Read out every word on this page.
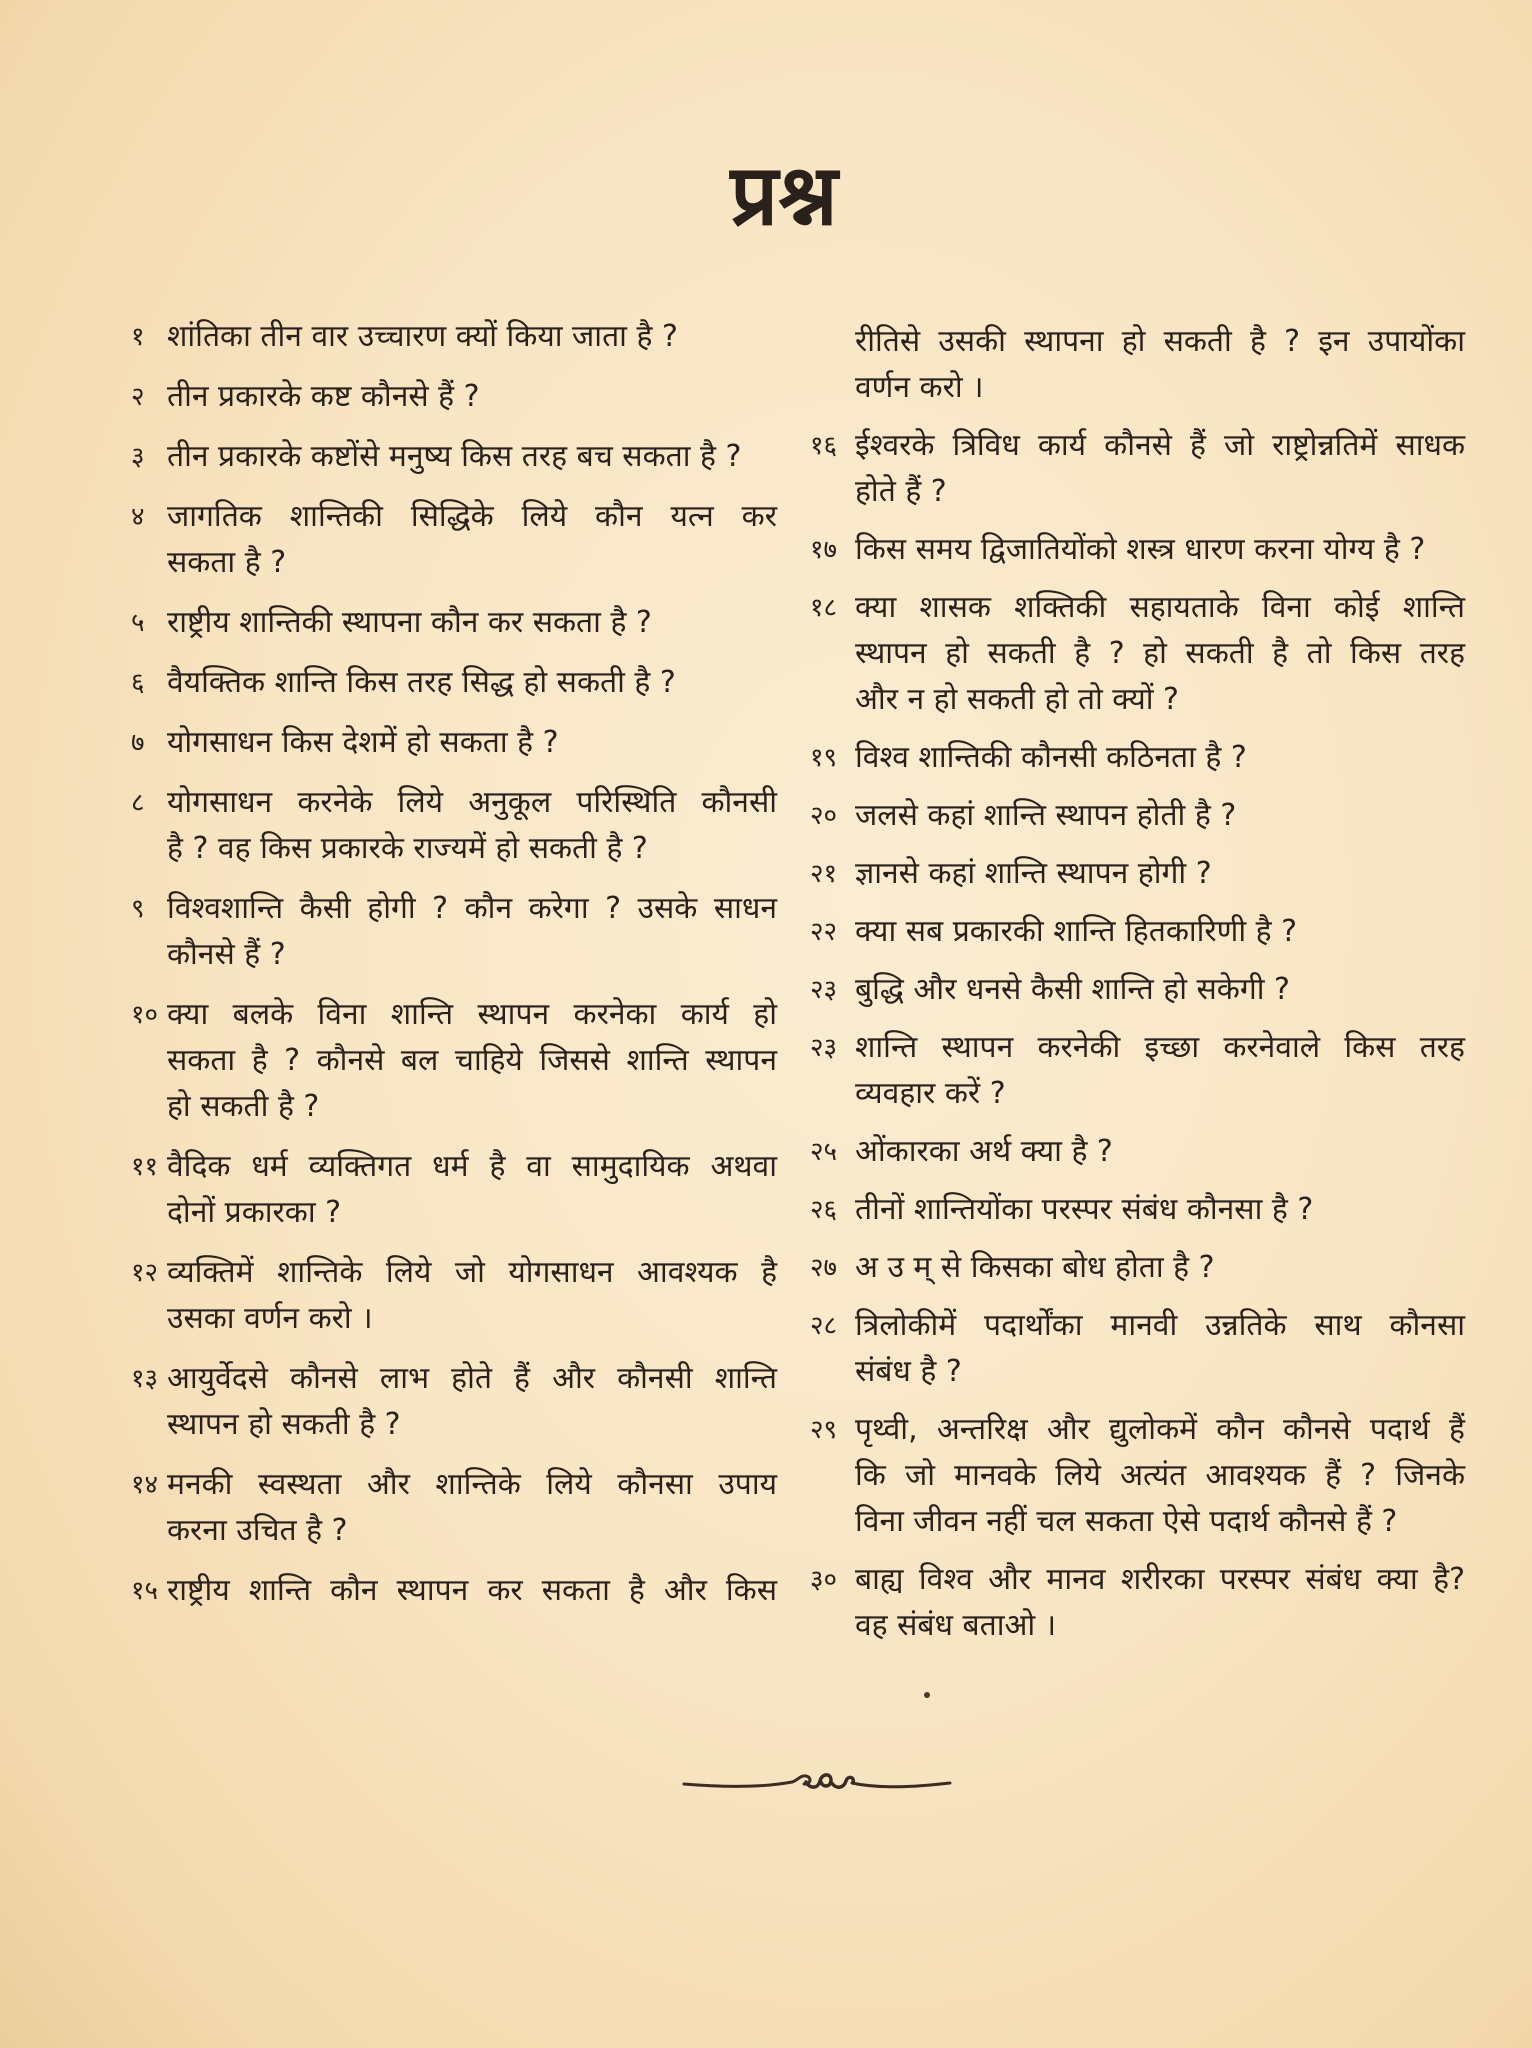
प्रश्न
१ शांतिका तीन वार उच्चारण क्यों किया जाता है ?
२ तीन प्रकारके कष्ट कौनसे हैं ?
३ तीन प्रकारके कष्टोंसे मनुष्य किस तरह बच सकता है ?
४ जागतिक शान्तिकी सिद्धिके लिये कौन यत्न कर
सकता है ?
५ राष्ट्रीय शान्तिकी स्थापना कौन कर सकता है ?
६ वैयक्तिक शान्ति किस तरह सिद्ध हो सकती है ?
७ योगसाधन किस देशमें हो सकता है ?
८ योगसाधन करनेके लिये अनुकूल परिस्थिति कौनसी
है ? वह किस प्रकारके राज्यमें हो सकती है ?
९ विश्वशान्ति कैसी होगी ? कौन करेगा ? उसके साधन
कौनसे हैं ?
१० क्या बलके विना शान्ति स्थापन करनेका कार्य हो
सकता है ? कौनसे बल चाहिये जिससे शान्ति स्थापन
हो सकती है ?
११ वैदिक धर्म व्यक्तिगत धर्म है वा सामुदायिक अथवा
दोनों प्रकारका ?
१२ व्यक्तिमें शान्तिके लिये जो योगसाधन आवश्यक है
उसका वर्णन करो ।
१३ आयुर्वेदसे कौनसे लाभ होते हैं और कौनसी शान्ति
स्थापन हो सकती है ?
१४ मनकी स्वस्थता और शान्तिके लिये कौनसा उपाय
करना उचित है ?
१५ राष्ट्रीय शान्ति कौन स्थापन कर सकता है और किस
रीतिसे उसकी स्थापना हो सकती है ? इन उपायोंका
वर्णन करो ।
१६ ईश्वरके त्रिविध कार्य कौनसे हैं जो राष्ट्रोन्नतिमें साधक
होते हैं ?
१७ किस समय द्विजातियोंको शस्त्र धारण करना योग्य है ?
१८ क्या शासक शक्तिकी सहायताके विना कोई शान्ति
स्थापन हो सकती है ? हो सकती है तो किस तरह
और न हो सकती हो तो क्यों ?
१९ विश्व शान्तिकी कौनसी कठिनता है ?
२० जलसे कहां शान्ति स्थापन होती है ?
२१ ज्ञानसे कहां शान्ति स्थापन होगी ?
२२ क्या सब प्रकारकी शान्ति हितकारिणी है ?
२३ बुद्धि और धनसे कैसी शान्ति हो सकेगी ?
२३ शान्ति स्थापन करनेकी इच्छा करनेवाले किस तरह
व्यवहार करें ?
२५ ओंकारका अर्थ क्या है ?
२६ तीनों शान्तियोंका परस्पर संबंध कौनसा है ?
२७ अ उ म् से किसका बोध होता है ?
२८ त्रिलोकीमें पदार्थोंका मानवी उन्नतिके साथ कौनसा
संबंध है ?
२९ पृथ्वी, अन्तरिक्ष और द्युलोकमें कौन कौनसे पदार्थ हैं
कि जो मानवके लिये अत्यंत आवश्यक हैं ? जिनके
विना जीवन नहीं चल सकता ऐसे पदार्थ कौनसे हैं ?
३० बाह्य विश्व और मानव शरीरका परस्पर संबंध क्या है?
वह संबंध बताओ ।
